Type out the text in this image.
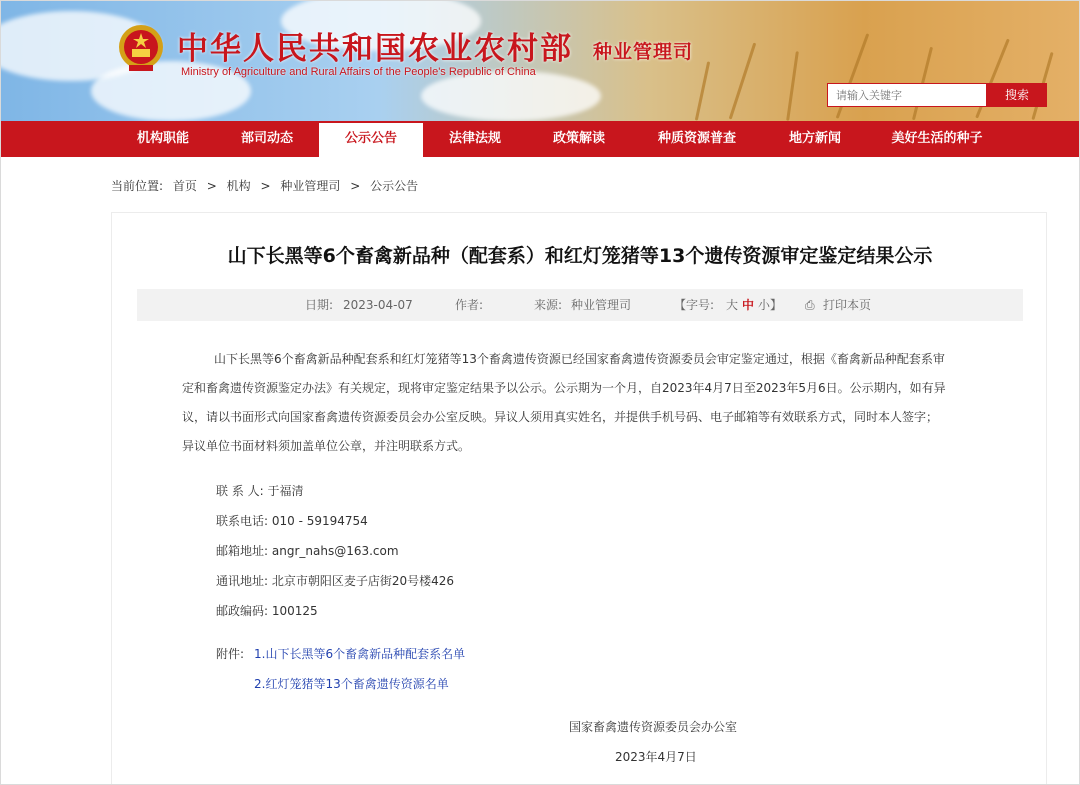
中华人民共和国农业农村部
Ministry of Agriculture and Rural Affairs of the People's Republic of China
种业管理司
请输入关键字
搜索
机构职能	部司动态	公示公告	法律法规	政策解读	种质资源普查	地方新闻	美好生活的种子
当前位置: 首页 > 机构 > 种业管理司 > 公示公告
山下长黑等6个畜禽新品种（配套系）和红灯笼猪等13个遗传资源审定鉴定结果公示
日期: 2023-04-07	作者:	来源: 种业管理司	【字号: 大 中 小】 ⎙ 打印本页
山下长黑等6个畜禽新品种配套系和红灯笼猪等13个畜禽遗传资源已经国家畜禽遗传资源委员会审定鉴定通过，根据《畜禽新品种配套系审
定和畜禽遗传资源鉴定办法》有关规定，现将审定鉴定结果予以公示。公示期为一个月，自2023年4月7日至2023年5月6日。公示期内，如有异
议，请以书面形式向国家畜禽遗传资源委员会办公室反映。异议人须用真实姓名，并提供手机号码、电子邮箱等有效联系方式，同时本人签字；
异议单位书面材料须加盖单位公章，并注明联系方式。
联 系 人: 于福清
联系电话: 010 - 59194754
邮箱地址: angr_nahs@163.com
通讯地址: 北京市朝阳区麦子店街20号楼426
邮政编码: 100125
附件: 1.山下长黑等6个畜禽新品种配套系名单
2.红灯笼猪等13个畜禽遗传资源名单
国家畜禽遗传资源委员会办公室
2023年4月7日
